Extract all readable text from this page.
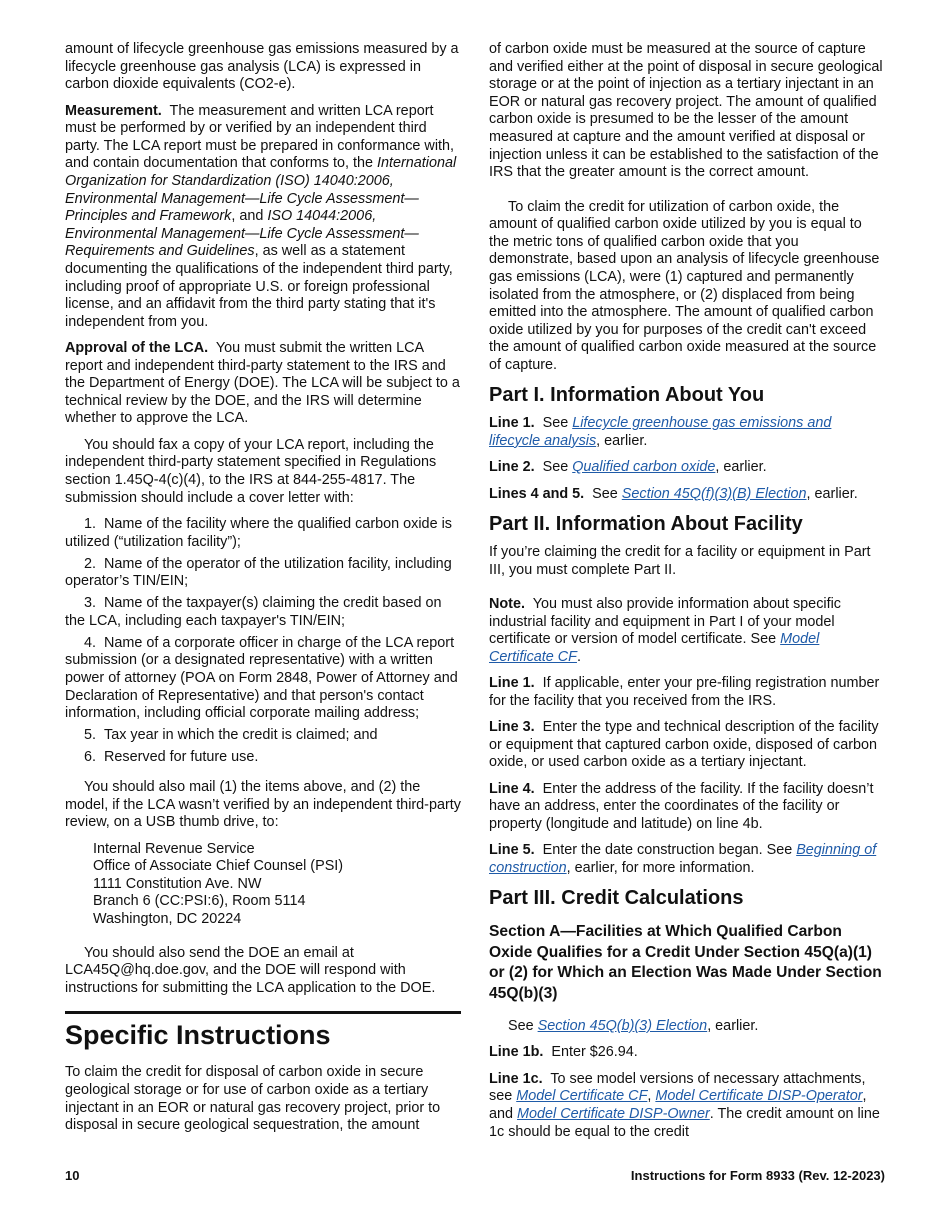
amount of lifecycle greenhouse gas emissions measured by a lifecycle greenhouse gas analysis (LCA) is expressed in carbon dioxide equivalents (CO2-e).

Measurement. The measurement and written LCA report must be performed by or verified by an independent third party. The LCA report must be prepared in conformance with, and contain documentation that conforms to, the International Organization for Standardization (ISO) 14040:2006, Environmental Management—Life Cycle Assessment—Principles and Framework, and ISO 14044:2006, Environmental Management—Life Cycle Assessment—Requirements and Guidelines, as well as a statement documenting the qualifications of the independent third party, including proof of appropriate U.S. or foreign professional license, and an affidavit from the third party stating that it's independent from you.

Approval of the LCA. You must submit the written LCA report and independent third-party statement to the IRS and the Department of Energy (DOE). The LCA will be subject to a technical review by the DOE, and the IRS will determine whether to approve the LCA.

You should fax a copy of your LCA report, including the independent third-party statement specified in Regulations section 1.45Q-4(c)(4), to the IRS at 844-255-4817. The submission should include a cover letter with:

1.  Name of the facility where the qualified carbon oxide is utilized (“utilization facility”);

2.  Name of the operator of the utilization facility, including operator’s TIN/EIN;

3.  Name of the taxpayer(s) claiming the credit based on the LCA, including each taxpayer's TIN/EIN;

4.  Name of a corporate officer in charge of the LCA report submission (or a designated representative) with a written power of attorney (POA on Form 2848, Power of Attorney and Declaration of Representative) and that person's contact information, including official corporate mailing address;

5.  Tax year in which the credit is claimed; and

6.  Reserved for future use.

You should also mail (1) the items above, and (2) the model, if the LCA wasn’t verified by an independent third-party review, on a USB thumb drive, to:

Internal Revenue Service
Office of Associate Chief Counsel (PSI)
1111 Constitution Ave. NW
Branch 6 (CC:PSI:6), Room 5114
Washington, DC 20224

You should also send the DOE an email at LCA45Q@hq.doe.gov, and the DOE will respond with instructions for submitting the LCA application to the DOE.

Specific Instructions

To claim the credit for disposal of carbon oxide in secure geological storage or for use of carbon oxide as a tertiary injectant in an EOR or natural gas recovery project, prior to disposal in secure geological sequestration, the amount

of carbon oxide must be measured at the source of capture and verified either at the point of disposal in secure geological storage or at the point of injection as a tertiary injectant in an EOR or natural gas recovery project. The amount of qualified carbon oxide is presumed to be the lesser of the amount measured at capture and the amount verified at disposal or injection unless it can be established to the satisfaction of the IRS that the greater amount is the correct amount.

To claim the credit for utilization of carbon oxide, the amount of qualified carbon oxide utilized by you is equal to the metric tons of qualified carbon oxide that you demonstrate, based upon an analysis of lifecycle greenhouse gas emissions (LCA), were (1) captured and permanently isolated from the atmosphere, or (2) displaced from being emitted into the atmosphere. The amount of qualified carbon oxide utilized by you for purposes of the credit can't exceed the amount of qualified carbon oxide measured at the source of capture.

Part I. Information About You

Line 1. See Lifecycle greenhouse gas emissions and lifecycle analysis, earlier.

Line 2. See Qualified carbon oxide, earlier.

Lines 4 and 5. See Section 45Q(f)(3)(B) Election, earlier.

Part II. Information About Facility

If you’re claiming the credit for a facility or equipment in Part III, you must complete Part II.

Note. You must also provide information about specific industrial facility and equipment in Part I of your model certificate or version of model certificate. See Model Certificate CF.

Line 1. If applicable, enter your pre-filing registration number for the facility that you received from the IRS.

Line 3. Enter the type and technical description of the facility or equipment that captured carbon oxide, disposed of carbon oxide, or used carbon oxide as a tertiary injectant.

Line 4. Enter the address of the facility. If the facility doesn’t have an address, enter the coordinates of the facility or property (longitude and latitude) on line 4b.

Line 5. Enter the date construction began. See Beginning of construction, earlier, for more information.

Part III. Credit Calculations
Section A—Facilities at Which Qualified Carbon Oxide Qualifies for a Credit Under Section 45Q(a)(1) or (2) for Which an Election Was Made Under Section 45Q(b)(3)

See Section 45Q(b)(3) Election, earlier.

Line 1b. Enter $26.94.

Line 1c. To see model versions of necessary attachments, see Model Certificate CF, Model Certificate DISP-Operator, and Model Certificate DISP-Owner. The credit amount on line 1c should be equal to the credit

10	Instructions for Form 8933 (Rev. 12-2023)
